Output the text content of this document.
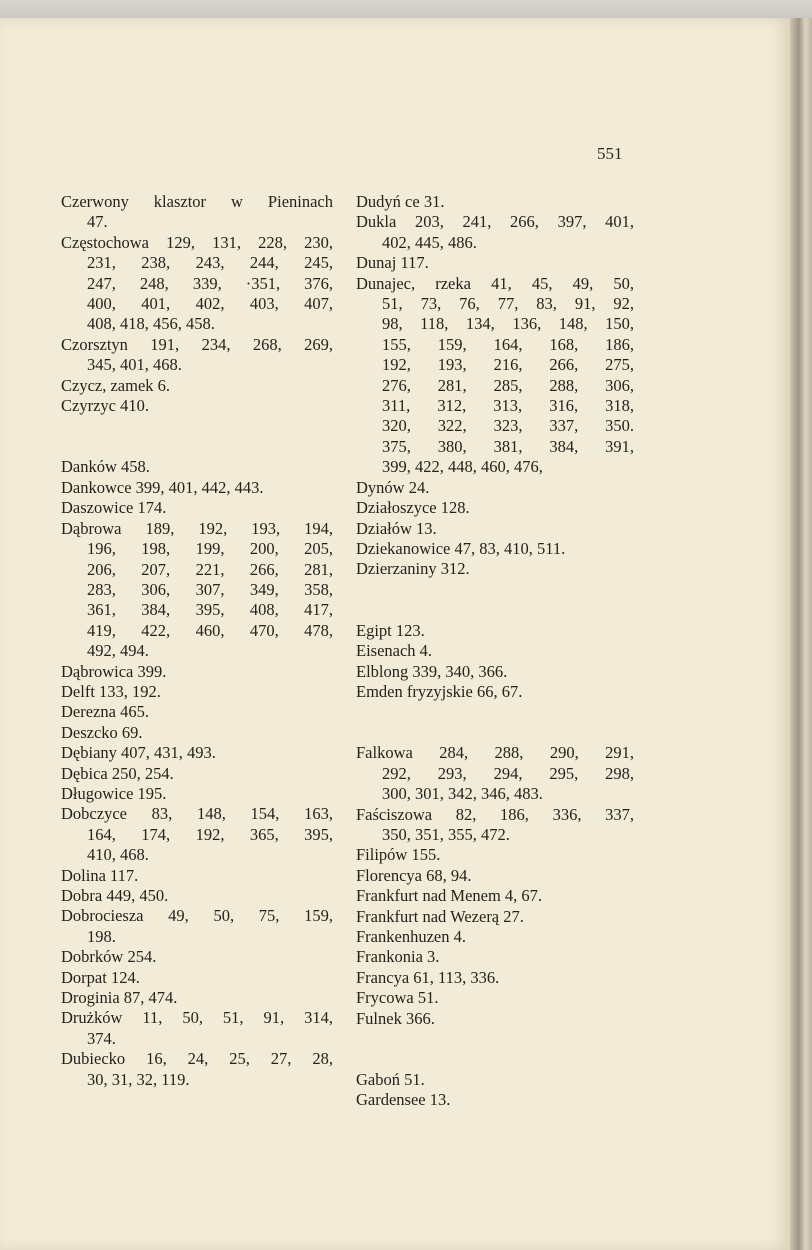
551
Czerwony klasztor w Pieninach
47.
Częstochowa 129, 131, 228, 230,
231, 238, 243, 244, 245,
247, 248, 339, ·351, 376,
400, 401, 402, 403, 407,
408, 418, 456, 458.
Czorsztyn 191, 234, 268, 269,
345, 401, 468.
Czycz, zamek 6.
Czyrzyc 410.
Danków 458.
Dankowce 399, 401, 442, 443.
Daszowice 174.
Dąbrowa 189, 192, 193, 194,
196, 198, 199, 200, 205,
206, 207, 221, 266, 281,
283, 306, 307, 349, 358,
361, 384, 395, 408, 417,
419, 422, 460, 470, 478,
492, 494.
Dąbrowica 399.
Delft 133, 192.
Derezna 465.
Deszcko 69.
Dębiany 407, 431, 493.
Dębica 250, 254.
Długowice 195.
Dobczyce 83, 148, 154, 163,
164, 174, 192, 365, 395,
410, 468.
Dolina 117.
Dobra 449, 450.
Dobrociesza 49, 50, 75, 159,
198.
Dobrków 254.
Dorpat 124.
Droginia 87, 474.
Drużków 11, 50, 51, 91, 314,
374.
Dubiecko 16, 24, 25, 27, 28,
30, 31, 32, 119.
Dudyń ce 31.
Dukla 203, 241, 266, 397, 401,
402, 445, 486.
Dunaj 117.
Dunajec, rzeka 41, 45, 49, 50,
51, 73, 76, 77, 83, 91, 92,
98, 118, 134, 136, 148, 150,
155, 159, 164, 168, 186,
192, 193, 216, 266, 275,
276, 281, 285, 288, 306,
311, 312, 313, 316, 318,
320, 322, 323, 337, 350.
375, 380, 381, 384, 391,
399, 422, 448, 460, 476,
Dynów 24.
Działoszyce 128.
Działów 13.
Dziekanowice 47, 83, 410, 511.
Dzierzaniny 312.
Egipt 123.
Eisenach 4.
Elblong 339, 340, 366.
Emden fryzyjskie 66, 67.
Falkowa 284, 288, 290, 291,
292, 293, 294, 295, 298,
300, 301, 342, 346, 483.
Faściszowa 82, 186, 336, 337,
350, 351, 355, 472.
Filipów 155.
Florencya 68, 94.
Frankfurt nad Menem 4, 67.
Frankfurt nad Wezerą 27.
Frankenhuzen 4.
Frankonia 3.
Francya 61, 113, 336.
Frycowa 51.
Fulnek 366.
Gaboń 51.
Gardensee 13.
